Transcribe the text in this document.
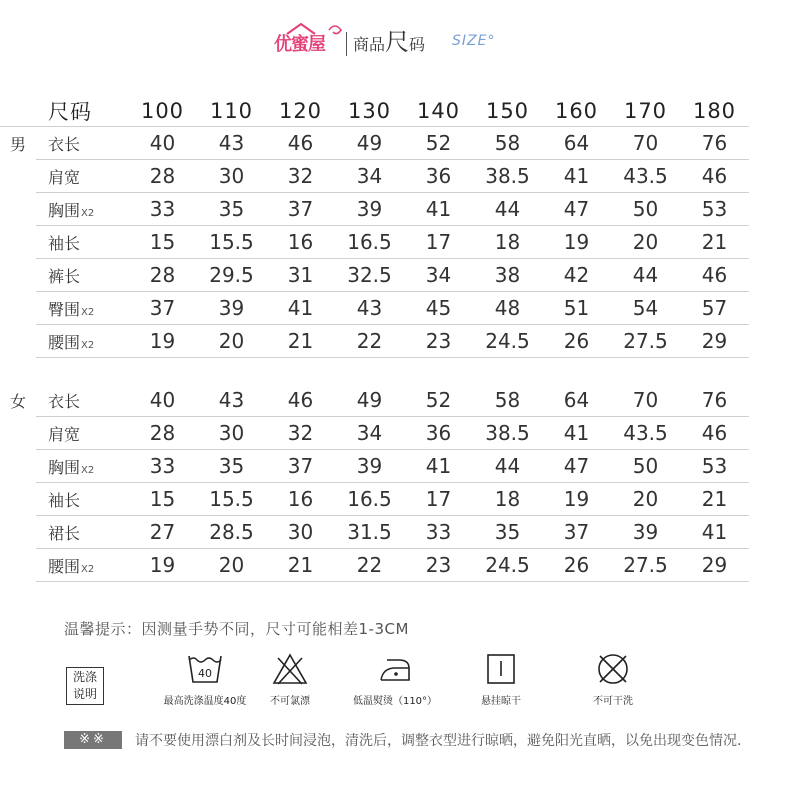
优蜜屋 商品尺码 SIZE°
	尺码	100	110	120	130	140	150	160	170	180
男	衣长	40	43	46	49	52	58	64	70	76
	肩宽	28	30	32	34	36	38.5	41	43.5	46
	胸围X2	33	35	37	39	41	44	47	50	53
	袖长	15	15.5	16	16.5	17	18	19	20	21
	裤长	28	29.5	31	32.5	34	38	42	44	46
	臀围X2	37	39	41	43	45	48	51	54	57
	腰围X2	19	20	21	22	23	24.5	26	27.5	29
女	衣长	40	43	46	49	52	58	64	70	76
	肩宽	28	30	32	34	36	38.5	41	43.5	46
	胸围X2	33	35	37	39	41	44	47	50	53
	袖长	15	15.5	16	16.5	17	18	19	20	21
	裙长	27	28.5	30	31.5	33	35	37	39	41
	腰围X2	19	20	21	22	23	24.5	26	27.5	29
温馨提示：因测量手势不同，尺寸可能相差1-3CM
洗涤
说明
40
最高洗涤温度40度	不可氯漂	低温熨烫（110°）	悬挂晾干	不可干洗
※※	请不要使用漂白剂及长时间浸泡，清洗后，调整衣型进行晾晒，避免阳光直晒，以免出现变色情况.
